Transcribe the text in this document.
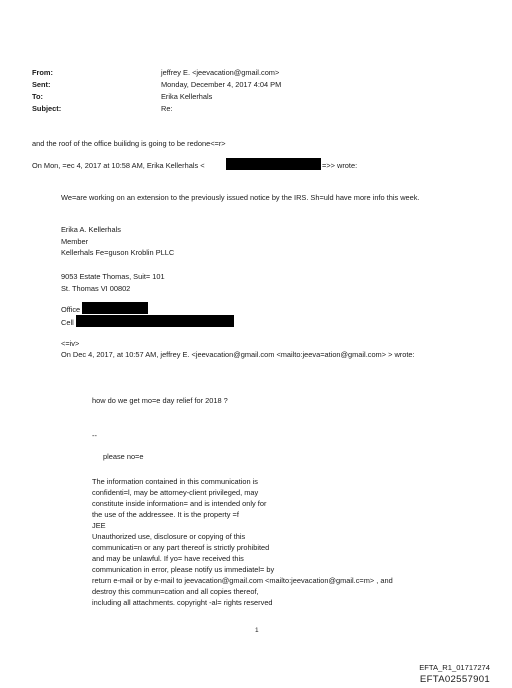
From:
Sent:
To:
Subject:
jeffrey E. <jeevacation@gmail.com>
Monday, December 4, 2017 4:04 PM
Erika Kellerhals
Re:
and the roof of the office builidng is going to be redone<=r>
On Mon, =ec 4, 2017 at 10:58 AM, Erika Kellerhals <	=>> wrote:
We=are working on an extension to the previously issued notice by the IRS. Sh=uld have more info this week.
Erika A. Kellerhals
Member
Kellerhals Fe=guson Kroblin PLLC
9053 Estate Thomas, Suit= 101
St. Thomas VI 00802
Office
Cell
<=iv>
On Dec 4, 2017, at 10:57 AM, jeffrey E. <jeevacation@gmail.com <mailto:jeeva=ation@gmail.com> > wrote:
how do we get mo=e day relief for 2018 ?
--
please no=e
The information contained in this communication is
confidenti=l, may be attorney-client privileged, may
constitute inside information= and is intended only for
the use of the addressee. It is the property =f
JEE
Unauthorized use, disclosure or copying of this
communicati=n or any part thereof is strictly prohibited
and may be unlawful. If yo= have received this
communication in error, please notify us immediatel= by
return e-mail or by e-mail to jeevacation@gmail.com <mailto:jeevacation@gmail.c=m> , and
destroy this commun=cation and all copies thereof,
including all attachments. copyright -al= rights reserved
1
EFTA_R1_01717274
EFTA02557901
